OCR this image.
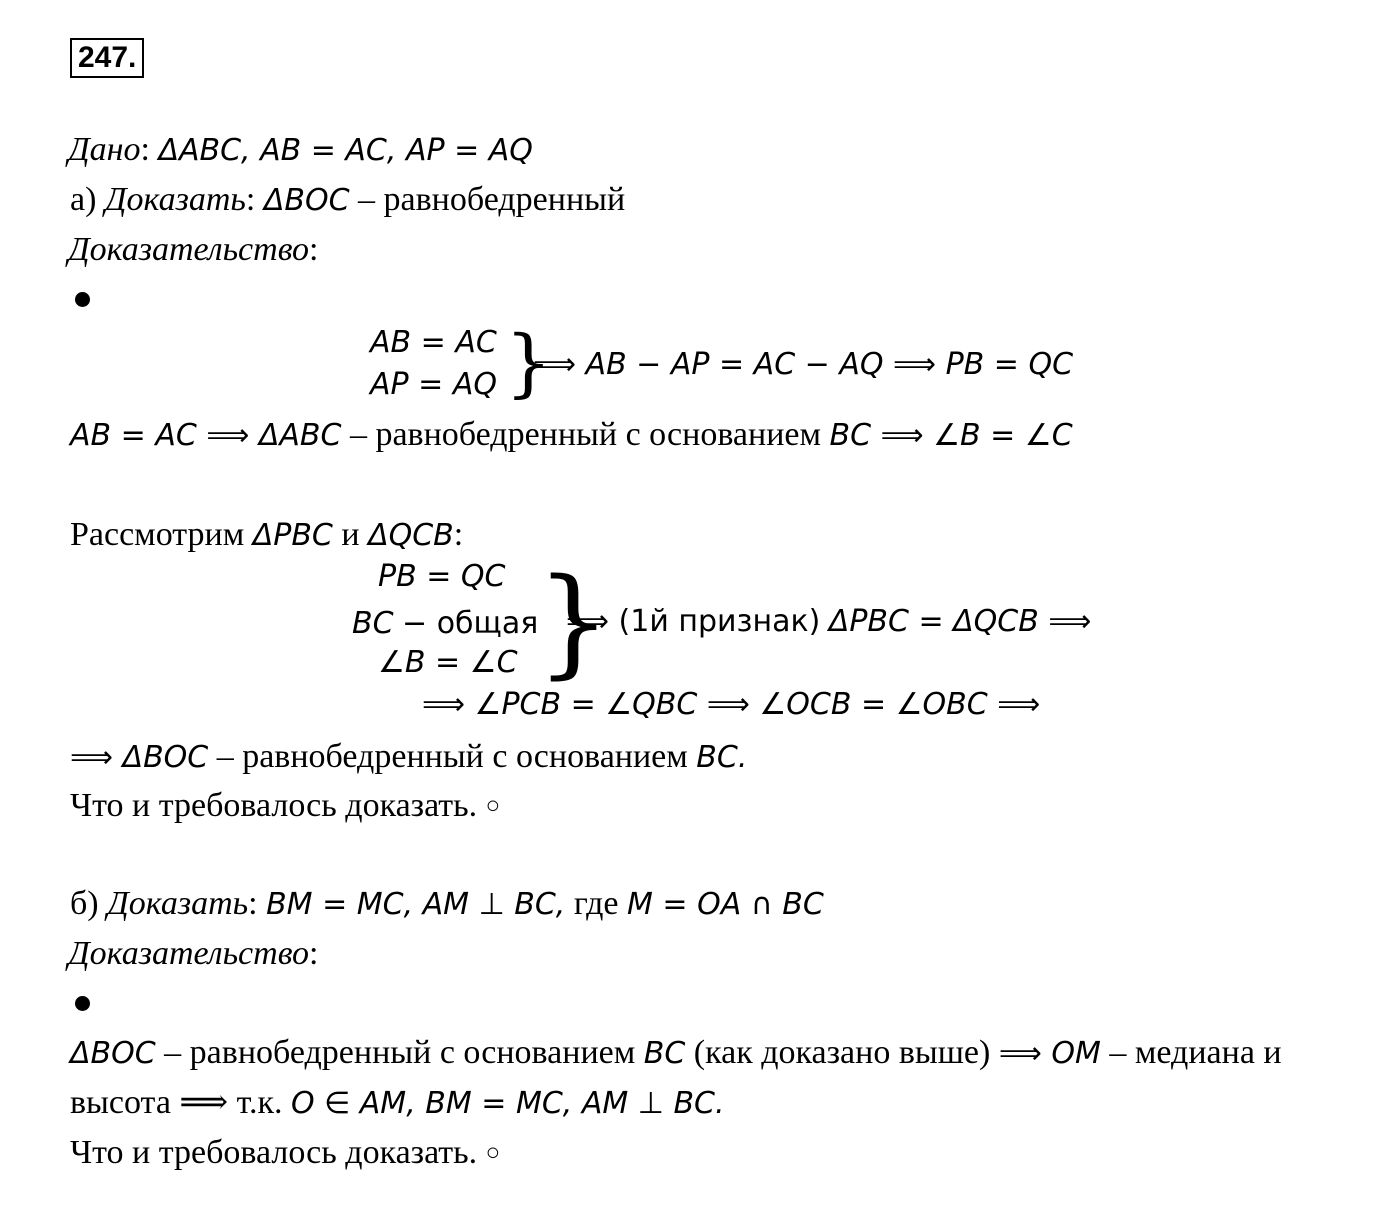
247.
Дано: ΔABC, AB = AC, AP = AQ
а) Доказать: ΔBOC – равнобедренный
Доказательство:
AB = AC
AP = AQ }
⟹ AB − AP = AC − AQ ⟹ PB = QC
AB = AC ⟹ ΔABC – равнобедренный с основанием BC ⟹ ∠B = ∠C
Рассмотрим ΔPBC и ΔQCB:
PB = QC
BC − общая
∠B = ∠C }
⟹ (1й признак) ΔPBC = ΔQCB ⟹
⟹ ∠PCB = ∠QBC ⟹ ∠OCB = ∠OBC ⟹
⟹ ΔBOC – равнобедренный с основанием BC.
Что и требовалось доказать. ○
б) Доказать: BM = MC, AM ⊥ BC, где M = OA ∩ BC
Доказательство:
ΔBOC – равнобедренный с основанием BC (как доказано выше) ⟹ OM – медиана и
высота ⟹ т.к. O ∈ AM, BM = MC, AM ⊥ BC.
Что и требовалось доказать. ○
